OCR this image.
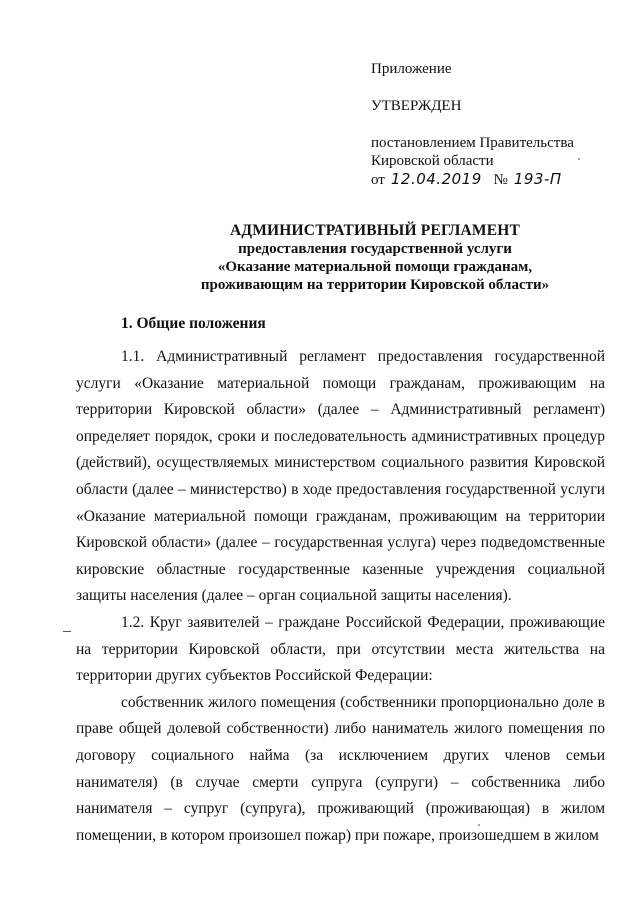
Приложение
УТВЕРЖДЕН
постановлением Правительства
Кировской области
от 12.04.2019 № 193-П
АДМИНИСТРАТИВНЫЙ РЕГЛАМЕНТ
предоставления государственной услуги
«Оказание материальной помощи гражданам,
проживающим на территории Кировской области»
1. Общие положения

1.1. Административный регламент предоставления государственной услуги «Оказание материальной помощи гражданам, проживающим на территории Кировской области» (далее – Административный регламент) определяет порядок, сроки и последовательность административных процедур (действий), осуществляемых министерством социального развития Кировской области (далее – министерство) в ходе предоставления государственной услуги «Оказание материальной помощи гражданам, проживающим на территории Кировской области» (далее – государственная услуга) через подведомственные кировские областные государственные казенные учреждения социальной защиты населения (далее – орган социальной защиты населения).

1.2. Круг заявителей – граждане Российской Федерации, проживающие на территории Кировской области, при отсутствии места жительства на территории других субъектов Российской Федерации:

собственник жилого помещения (собственники пропорционально доле в праве общей долевой собственности) либо наниматель жилого помещения по договору социального найма (за исключением других членов семьи нанимателя) (в случае смерти супруга (супруги) – собственника либо нанимателя – супруг (супруга), проживающий (проживающая) в жилом помещении, в котором произошел пожар) при пожаре, произошедшем в жилом
